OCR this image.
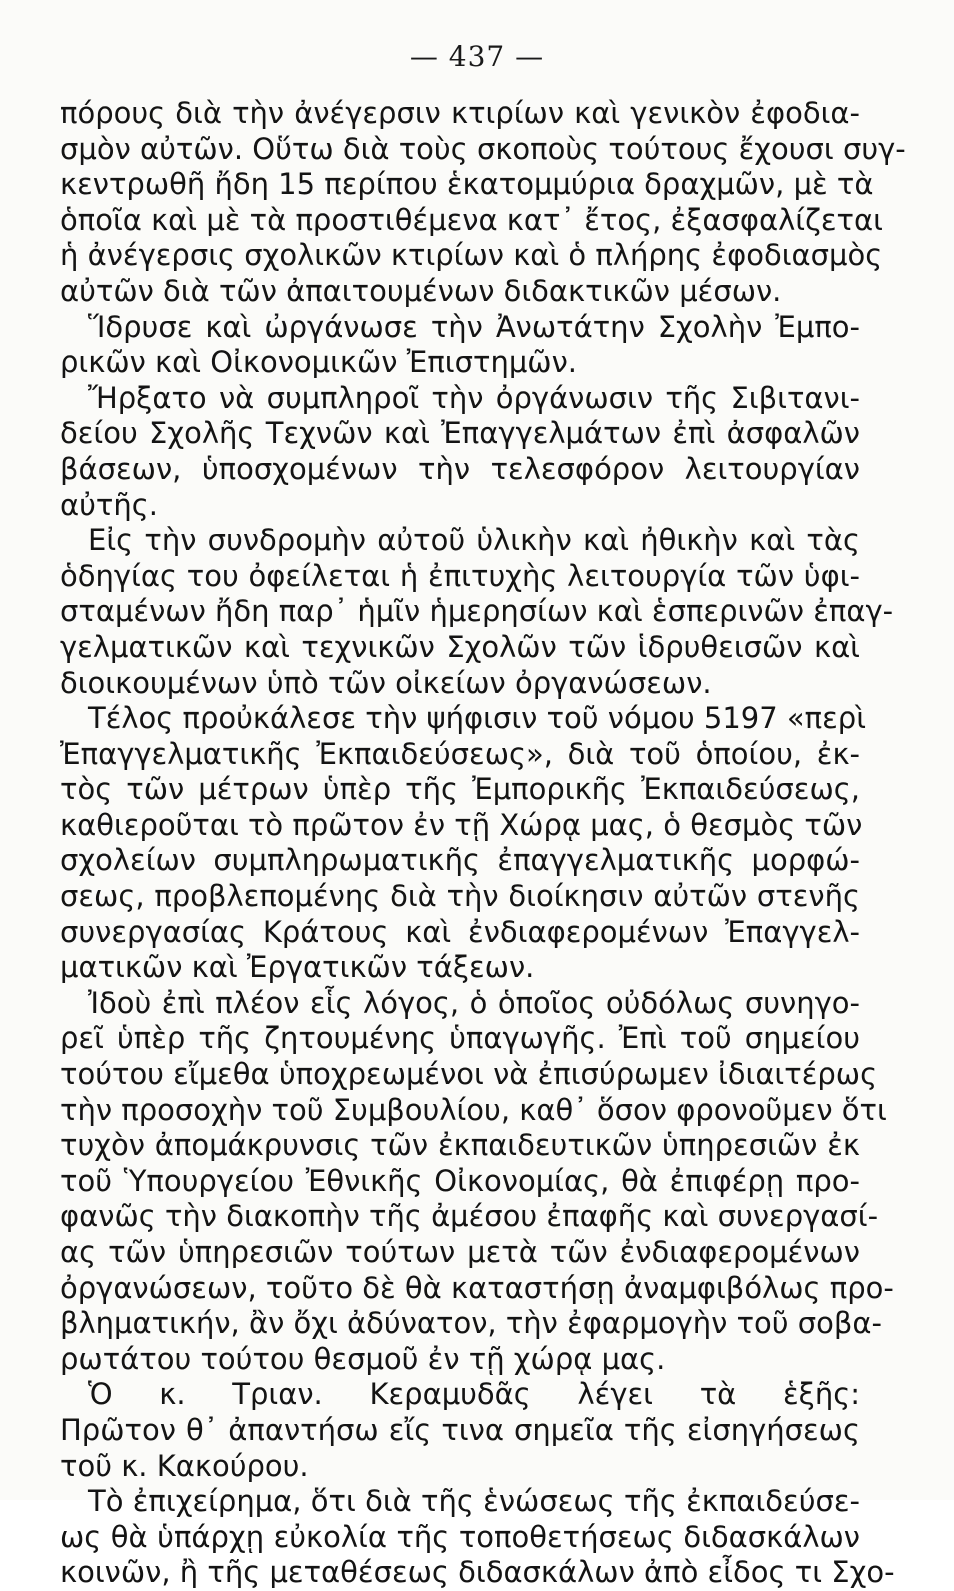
— 437 —
πόρους διὰ τὴν ἀνέγερσιν κτιρίων καὶ γενικὸν ἐφοδια-
σμὸν αὐτῶν. Οὕτω διὰ τοὺς σκοποὺς τούτους ἔχουσι συγ-
κεντρωθῆ ἤδη 15 περίπου ἑκατομμύρια δραχμῶν, μὲ τὰ
ὁποῖα καὶ μὲ τὰ προστιθέμενα κατ᾽ ἔτος, ἐξασφαλίζεται
ἡ ἀνέγερσις σχολικῶν κτιρίων καὶ ὁ πλήρης ἐφοδιασμὸς
αὐτῶν διὰ τῶν ἀπαιτουμένων διδακτικῶν μέσων.
Ἵδρυσε καὶ ὠργάνωσε τὴν Ἀνωτάτην Σχολὴν Ἐμπο-
ρικῶν καὶ Οἰκονομικῶν Ἐπιστημῶν.
Ἤρξατο νὰ συμπληροῖ τὴν ὀργάνωσιν τῆς Σιβιτανι-
δείου Σχολῆς Τεχνῶν καὶ Ἐπαγγελμάτων ἐπὶ ἀσφαλῶν
βάσεων, ὑποσχομένων τὴν τελεσφόρον λειτουργίαν
αὐτῆς.
Εἰς τὴν συνδρομὴν αὐτοῦ ὑλικὴν καὶ ἠθικὴν καὶ τὰς
ὁδηγίας του ὀφείλεται ἡ ἐπιτυχὴς λειτουργία τῶν ὑφι-
σταμένων ἤδη παρ᾽ ἡμῖν ἡμερησίων καὶ ἑσπερινῶν ἐπαγ-
γελματικῶν καὶ τεχνικῶν Σχολῶν τῶν ἱδρυθεισῶν καὶ
διοικουμένων ὑπὸ τῶν οἰκείων ὀργανώσεων.
Τέλος προὐκάλεσε τὴν ψήφισιν τοῦ νόμου 5197 «περὶ
Ἐπαγγελματικῆς Ἐκπαιδεύσεως», διὰ τοῦ ὁποίου, ἐκ-
τὸς τῶν μέτρων ὑπὲρ τῆς Ἐμπορικῆς Ἐκπαιδεύσεως,
καθιεροῦται τὸ πρῶτον ἐν τῇ Χώρᾳ μας, ὁ θεσμὸς τῶν
σχολείων συμπληρωματικῆς ἐπαγγελματικῆς μορφώ-
σεως, προβλεπομένης διὰ τὴν διοίκησιν αὐτῶν στενῆς
συνεργασίας Κράτους καὶ ἐνδιαφερομένων Ἐπαγγελ-
ματικῶν καὶ Ἐργατικῶν τάξεων.
Ἰδοὺ ἐπὶ πλέον εἷς λόγος, ὁ ὁποῖος οὐδόλως συνηγο-
ρεῖ ὑπὲρ τῆς ζητουμένης ὑπαγωγῆς. Ἐπὶ τοῦ σημείου
τούτου εἴμεθα ὑποχρεωμένοι νὰ ἐπισύρωμεν ἰδιαιτέρως
τὴν προσοχὴν τοῦ Συμβουλίου, καθ᾽ ὅσον φρονοῦμεν ὅτι
τυχὸν ἀπομάκρυνσις τῶν ἐκπαιδευτικῶν ὑπηρεσιῶν ἐκ
τοῦ Ὑπουργείου Ἐθνικῆς Οἰκονομίας, θὰ ἐπιφέρῃ προ-
φανῶς τὴν διακοπὴν τῆς ἀμέσου ἐπαφῆς καὶ συνεργασί-
ας τῶν ὑπηρεσιῶν τούτων μετὰ τῶν ἐνδιαφερομένων
ὀργανώσεων, τοῦτο δὲ θὰ καταστήσῃ ἀναμφιβόλως προ-
βληματικήν, ἂν ὄχι ἀδύνατον, τὴν ἐφαρμογὴν τοῦ σοβα-
ρωτάτου τούτου θεσμοῦ ἐν τῇ χώρᾳ μας.
Ὁ κ. Τριαν. Κεραμυδᾶς λέγει τὰ ἑξῆς:
Πρῶτον θ᾽ ἀπαντήσω εἴς τινα σημεῖα τῆς εἰσηγήσεως
τοῦ κ. Κακούρου.
Τὸ ἐπιχείρημα, ὅτι διὰ τῆς ἑνώσεως τῆς ἐκπαιδεύσε-
ως θὰ ὑπάρχῃ εὐκολία τῆς τοποθετήσεως διδασκάλων
κοινῶν, ἢ τῆς μεταθέσεως διδασκάλων ἀπὸ εἶδος τι Σχο-
